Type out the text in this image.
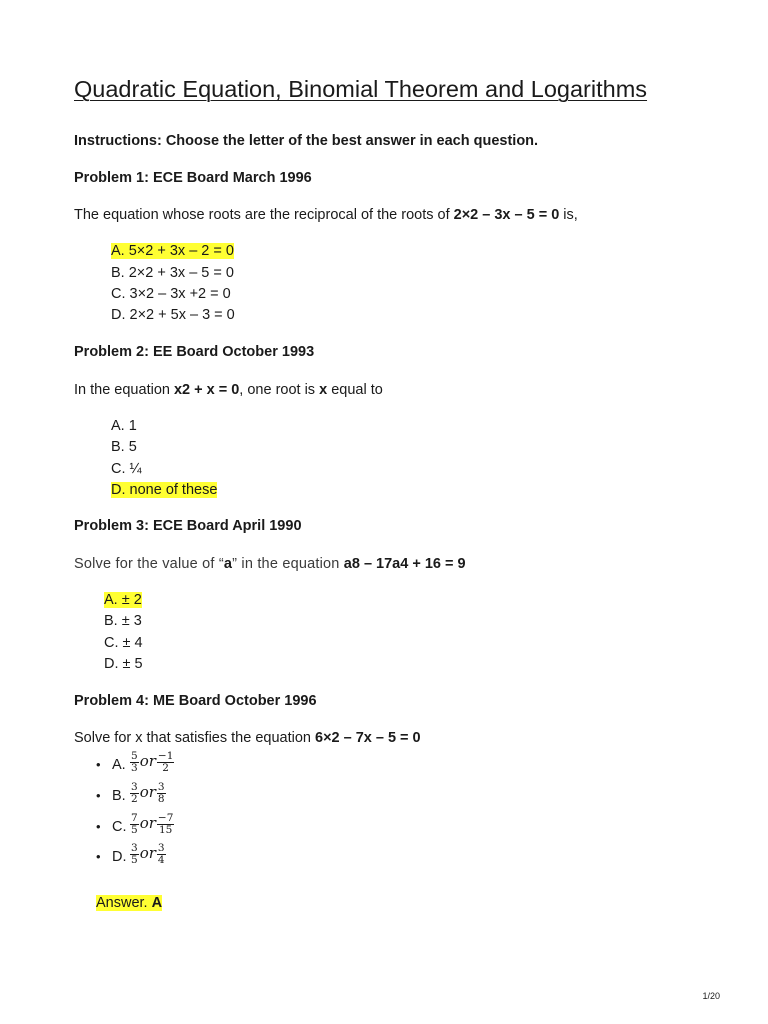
Quadratic Equation, Binomial Theorem and Logarithms
Instructions: Choose the letter of the best answer in each question.
Problem 1: ECE Board March 1996
The equation whose roots are the reciprocal of the roots of 2×2 – 3x – 5 = 0 is,
A. 5×2 + 3x – 2 = 0
B. 2×2 + 3x – 5 = 0
C. 3×2 – 3x +2 = 0
D. 2×2 + 5x – 3 = 0
Problem 2: EE Board October 1993
In the equation x2 + x = 0, one root is x equal to
A. 1
B. 5
C. ¼
D. none of these
Problem 3: ECE Board April 1990
Solve for the value of “a” in the equation a8 – 17a4 + 16 = 9
A. ± 2
B. ± 3
C. ± 4
D. ± 5
Problem 4: ME Board October 1996
Solve for x that satisfies the equation 6×2 – 7x – 5 = 0
• A. $\frac{5}{3}$ or $\frac{-1}{2}$
• B. $\frac{3}{2}$ or $\frac{3}{8}$
• C. $\frac{7}{5}$ or $\frac{-7}{15}$
• D. $\frac{3}{5}$ or $\frac{3}{4}$
Answer. A
1/20
